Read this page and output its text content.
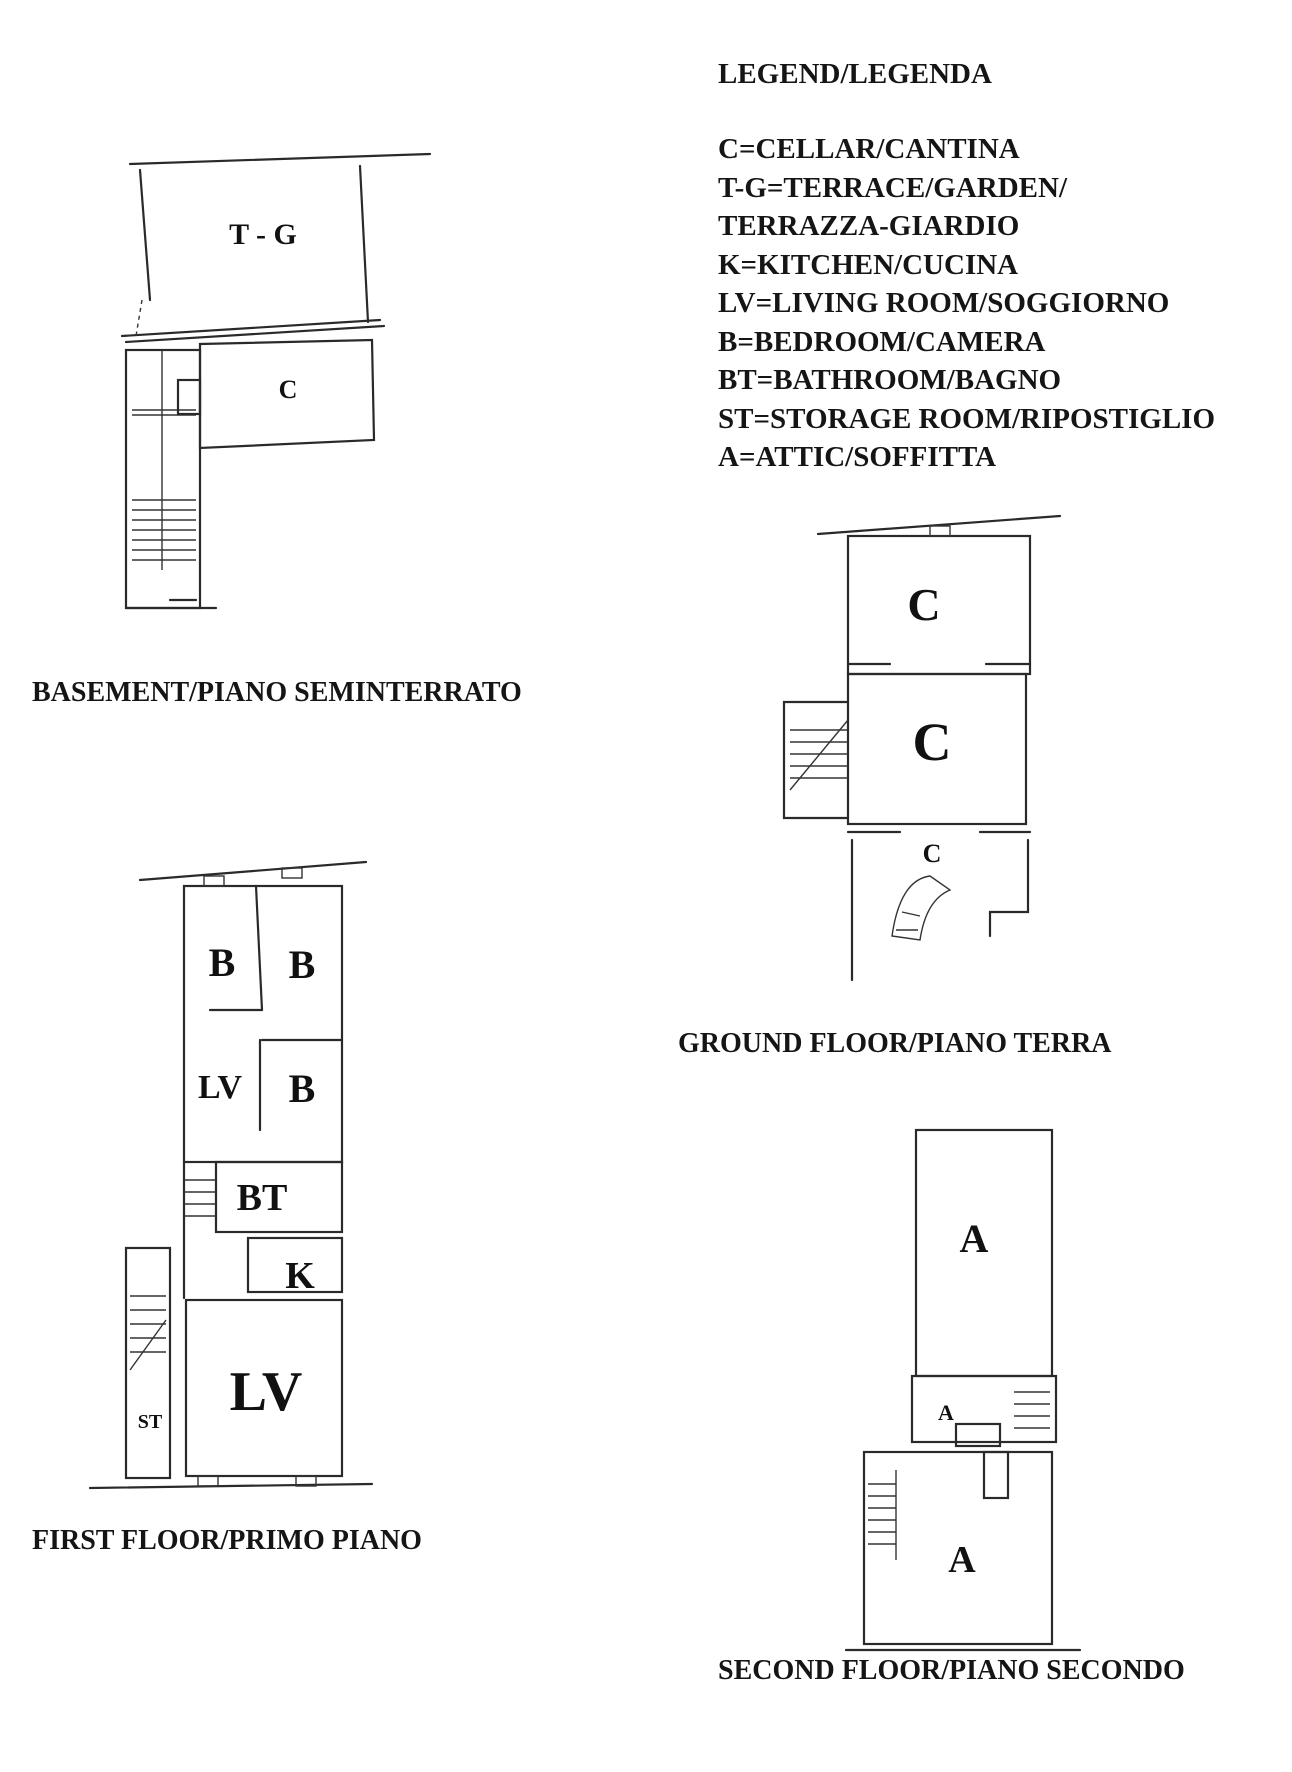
LEGEND/LEGENDA
C=CELLAR/CANTINA
T-G=TERRACE/GARDEN/
TERRAZZA-GIARDIO
K=KITCHEN/CUCINA
LV=LIVING ROOM/SOGGIORNO
B=BEDROOM/CAMERA
BT=BATHROOM/BAGNO
ST=STORAGE ROOM/RIPOSTIGLIO
A=ATTIC/SOFFITTA
T - G
C
C
C
C
B B
LV B
BT
K
LV
ST
A
A
A
BASEMENT/PIANO SEMINTERRATO
GROUND FLOOR/PIANO TERRA
FIRST FLOOR/PRIMO PIANO
SECOND FLOOR/PIANO SECONDO
